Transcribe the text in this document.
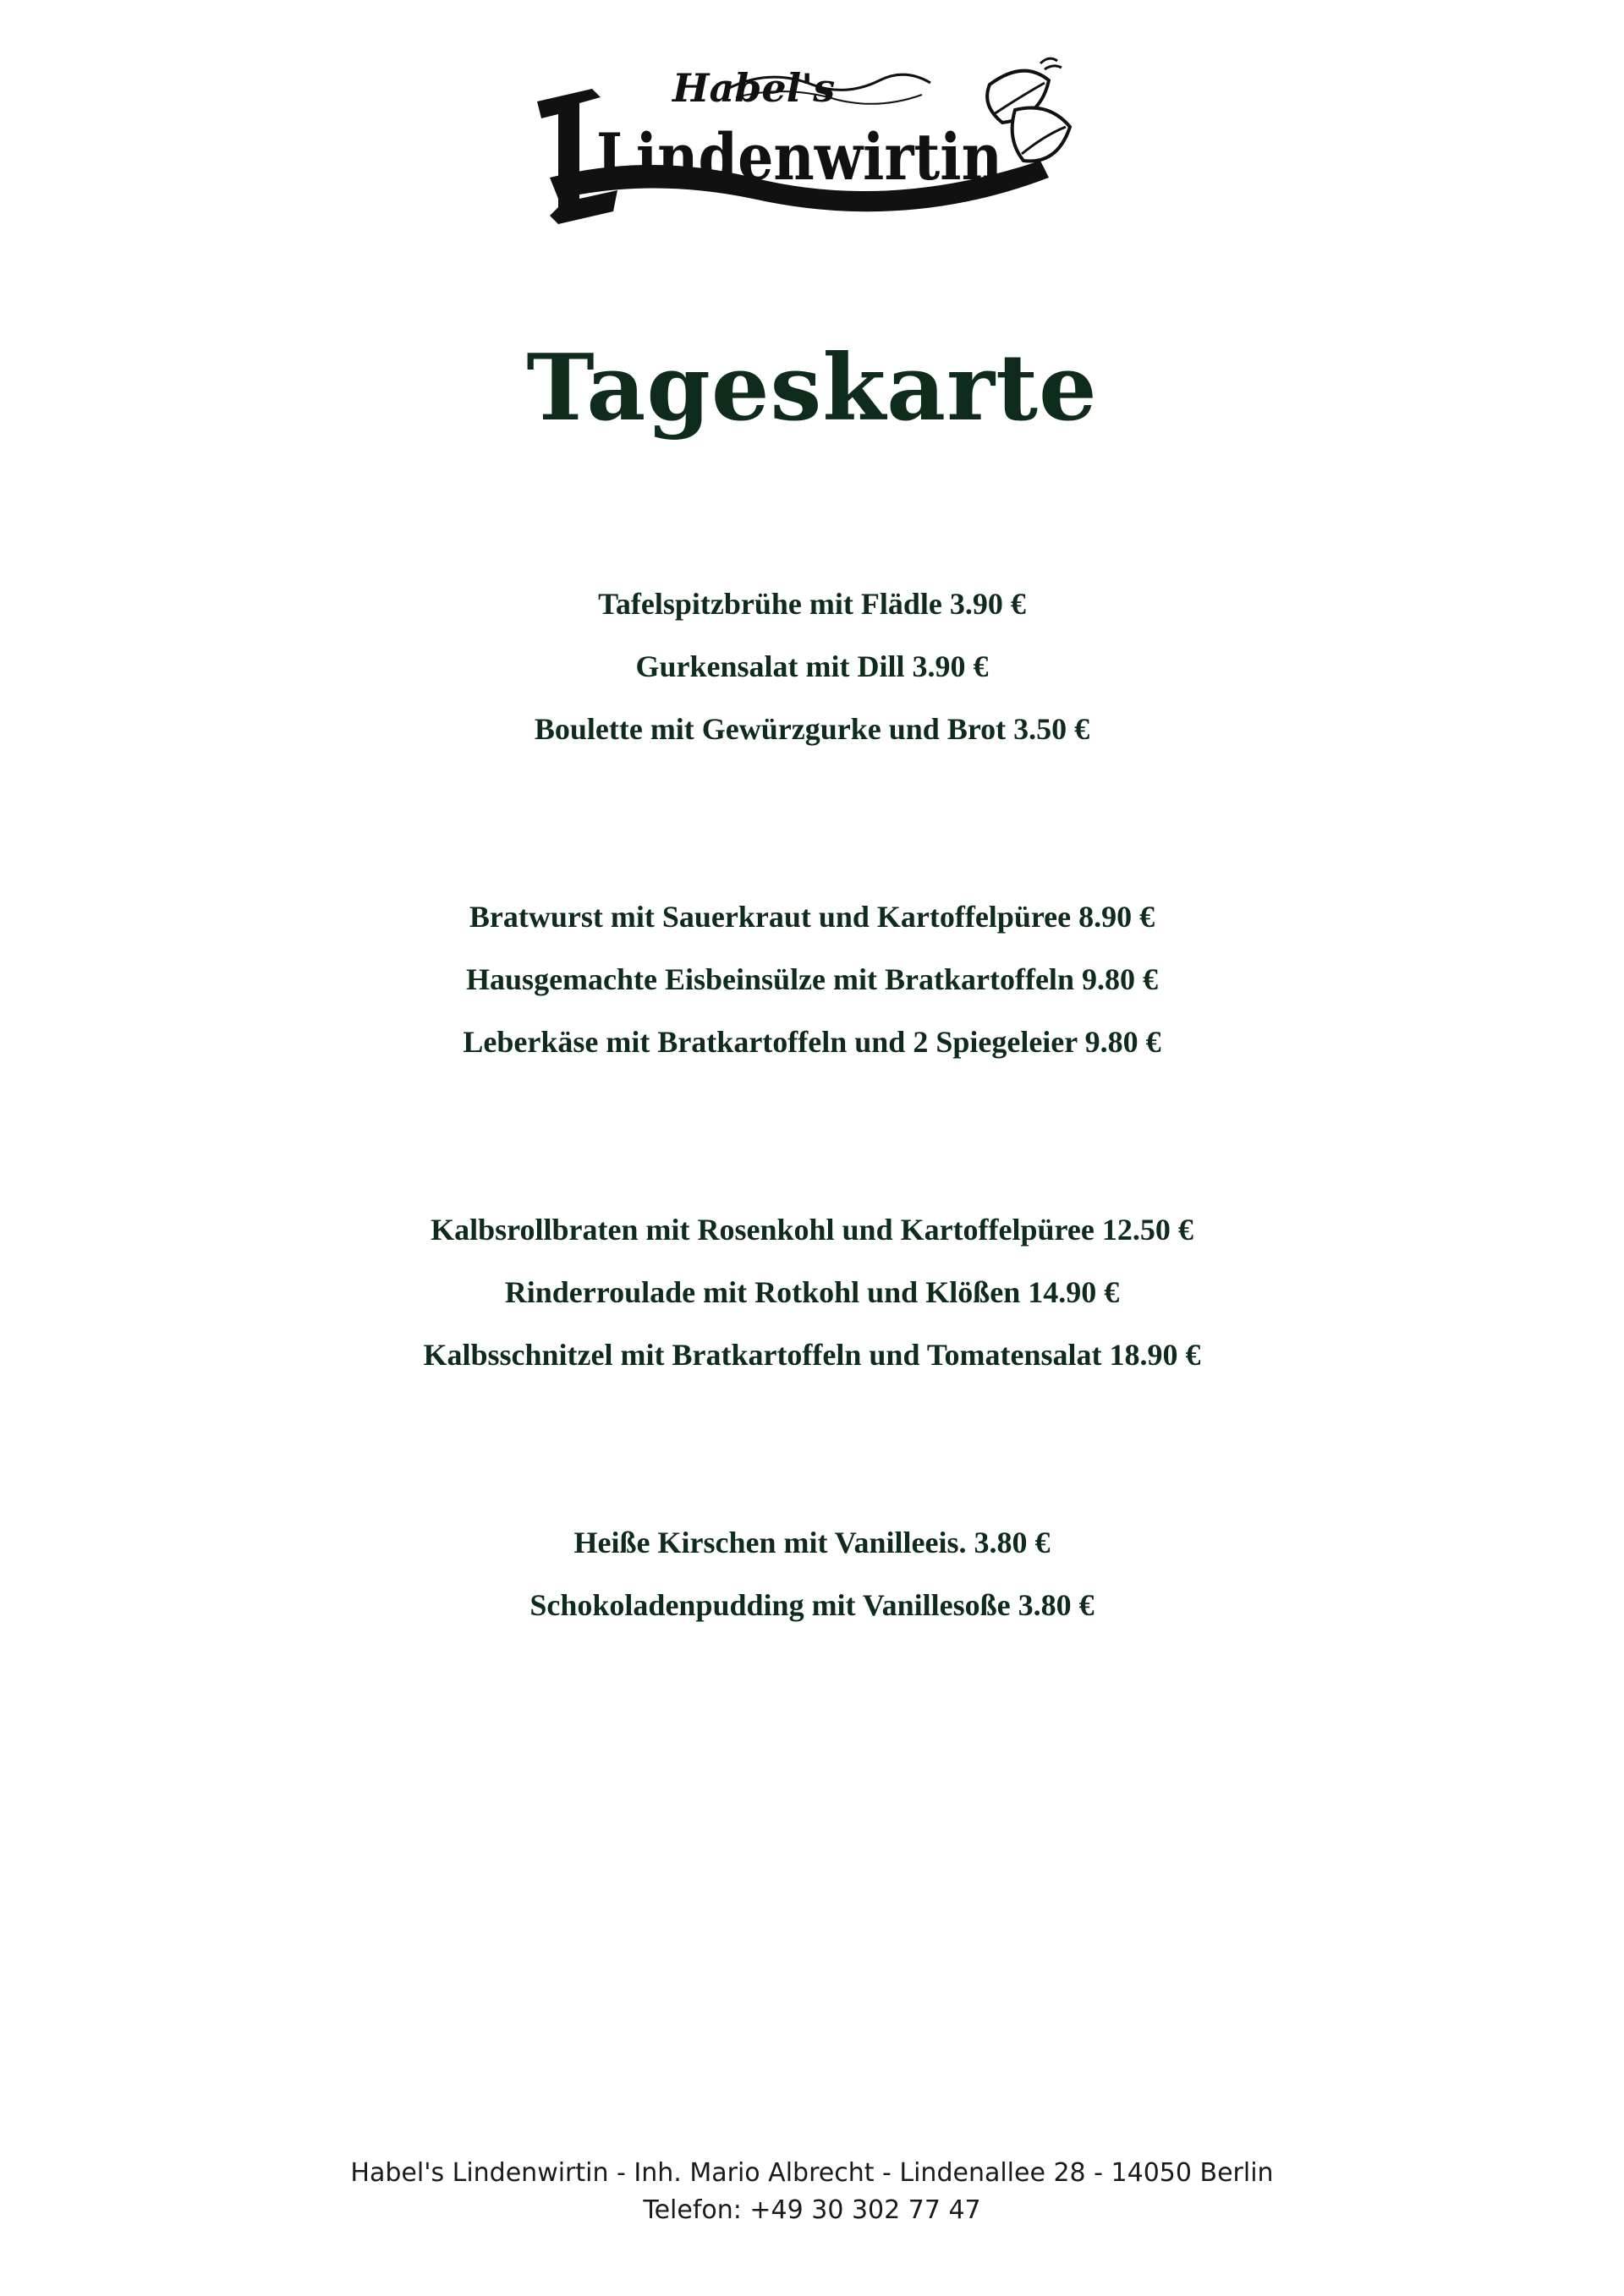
Habel's
Lindenwirtin
Tageskarte
Tafelspitzbrühe mit Flädle 3.90 €
Gurkensalat mit Dill 3.90 €
Boulette mit Gewürzgurke und Brot 3.50 €
Bratwurst mit Sauerkraut und Kartoffelpüree 8.90 €
Hausgemachte Eisbeinsülze mit Bratkartoffeln 9.80 €
Leberkäse mit Bratkartoffeln und 2 Spiegeleier 9.80 €
Kalbsrollbraten mit Rosenkohl und Kartoffelpüree 12.50 €
Rinderroulade mit Rotkohl und Klößen 14.90 €
Kalbsschnitzel mit Bratkartoffeln und Tomatensalat 18.90 €
Heiße Kirschen mit Vanilleeis. 3.80 €
Schokoladenpudding mit Vanillesoße 3.80 €
Habel's Lindenwirtin - Inh. Mario Albrecht - Lindenallee 28 - 14050 Berlin
Telefon: +49 30 302 77 47
